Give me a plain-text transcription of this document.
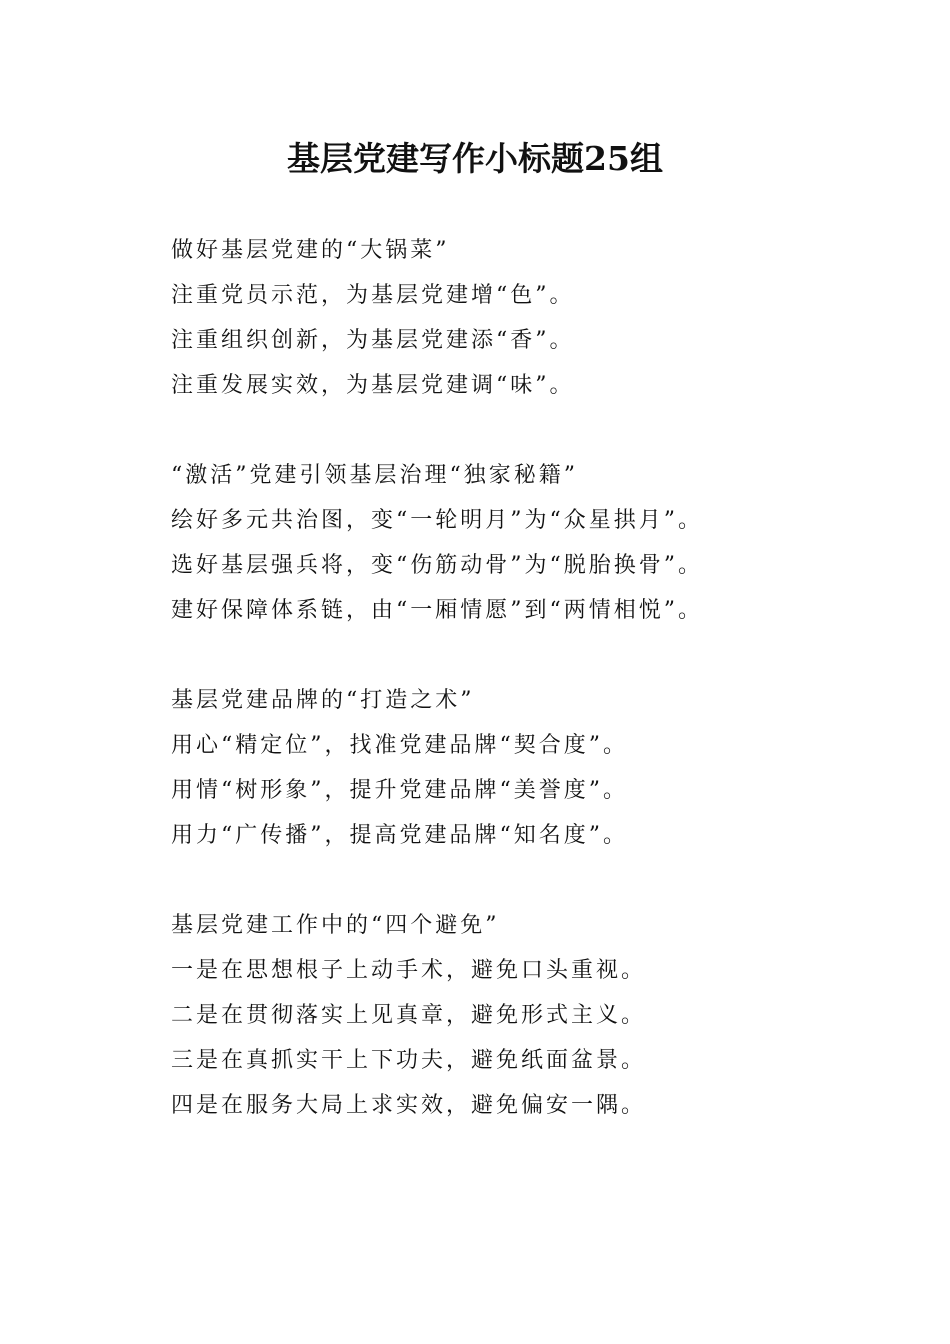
基层党建写作小标题25组
做好基层党建的“大锅菜”
注重党员示范，为基层党建增“色”。
注重组织创新，为基层党建添“香”。
注重发展实效，为基层党建调“味”。
“激活”党建引领基层治理“独家秘籍”
绘好多元共治图，变“一轮明月”为“众星拱月”。
选好基层强兵将，变“伤筋动骨”为“脱胎换骨”。
建好保障体系链，由“一厢情愿”到“两情相悦”。
基层党建品牌的“打造之术”
用心“精定位”，找准党建品牌“契合度”。
用情“树形象”，提升党建品牌“美誉度”。
用力“广传播”，提高党建品牌“知名度”。
基层党建工作中的“四个避免”
一是在思想根子上动手术，避免口头重视。
二是在贯彻落实上见真章，避免形式主义。
三是在真抓实干上下功夫，避免纸面盆景。
四是在服务大局上求实效，避免偏安一隅。
